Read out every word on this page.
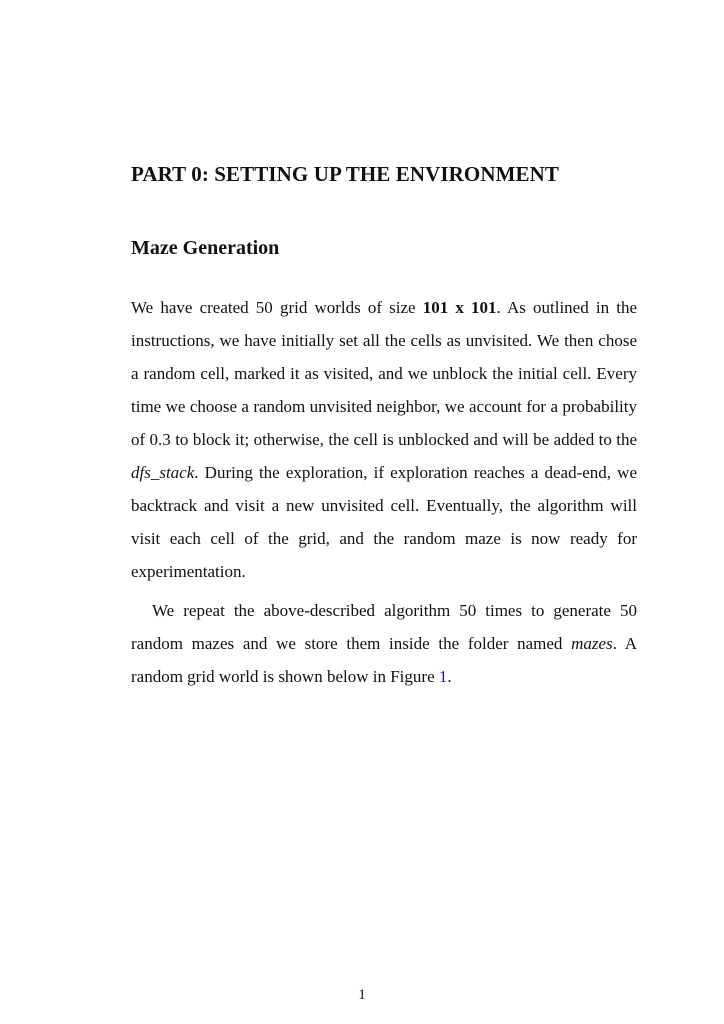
PART 0: SETTING UP THE ENVIRONMENT
Maze Generation

We have created 50 grid worlds of size 101 x 101. As outlined in the instructions, we have initially set all the cells as unvisited. We then chose a random cell, marked it as visited, and we unblock the initial cell. Every time we choose a random unvisited neighbor, we account for a probability of 0.3 to block it; otherwise, the cell is unblocked and will be added to the dfs_stack. During the exploration, if exploration reaches a dead-end, we backtrack and visit a new unvisited cell. Eventually, the algorithm will visit each cell of the grid, and the random maze is now ready for experimentation.

We repeat the above-described algorithm 50 times to generate 50 random mazes and we store them inside the folder named mazes. A random grid world is shown below in Figure 1.

1
